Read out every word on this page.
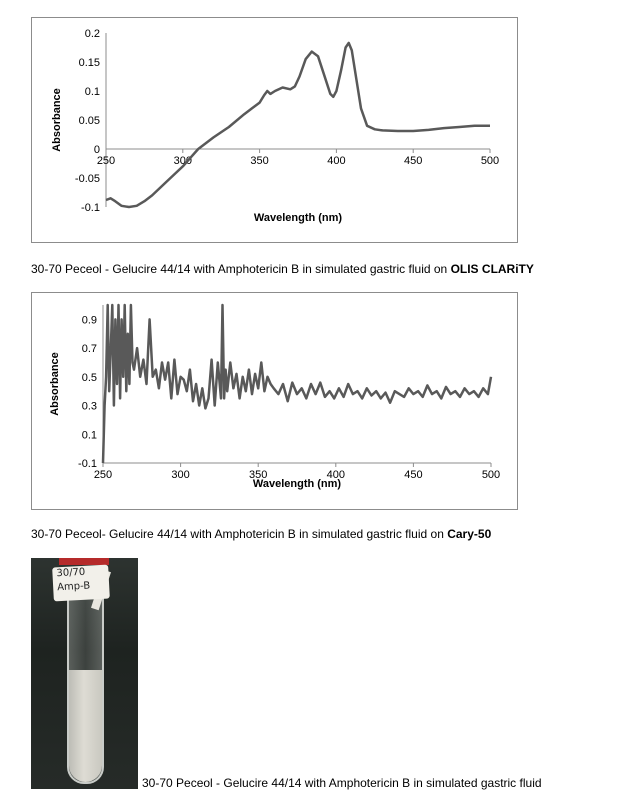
-0.1
-0.05
0
0.05
0.1
0.15
0.2
250	300	350	400	450	500
Wavelength (nm)
Absorbance
30-70 Peceol - Gelucire 44/14 with Amphotericin B in simulated gastric fluid on OLIS CLARiTY
-0.1
0.1
0.3
0.5
0.7
0.9
250	300	350	400	450	500
Wavelength (nm)
Absorbance
30-70 Peceol- Gelucire 44/14 with Amphotericin B in simulated gastric fluid on Cary-50
30/70
Amp-B
30-70 Peceol - Gelucire 44/14 with Amphotericin B in simulated gastric fluid
